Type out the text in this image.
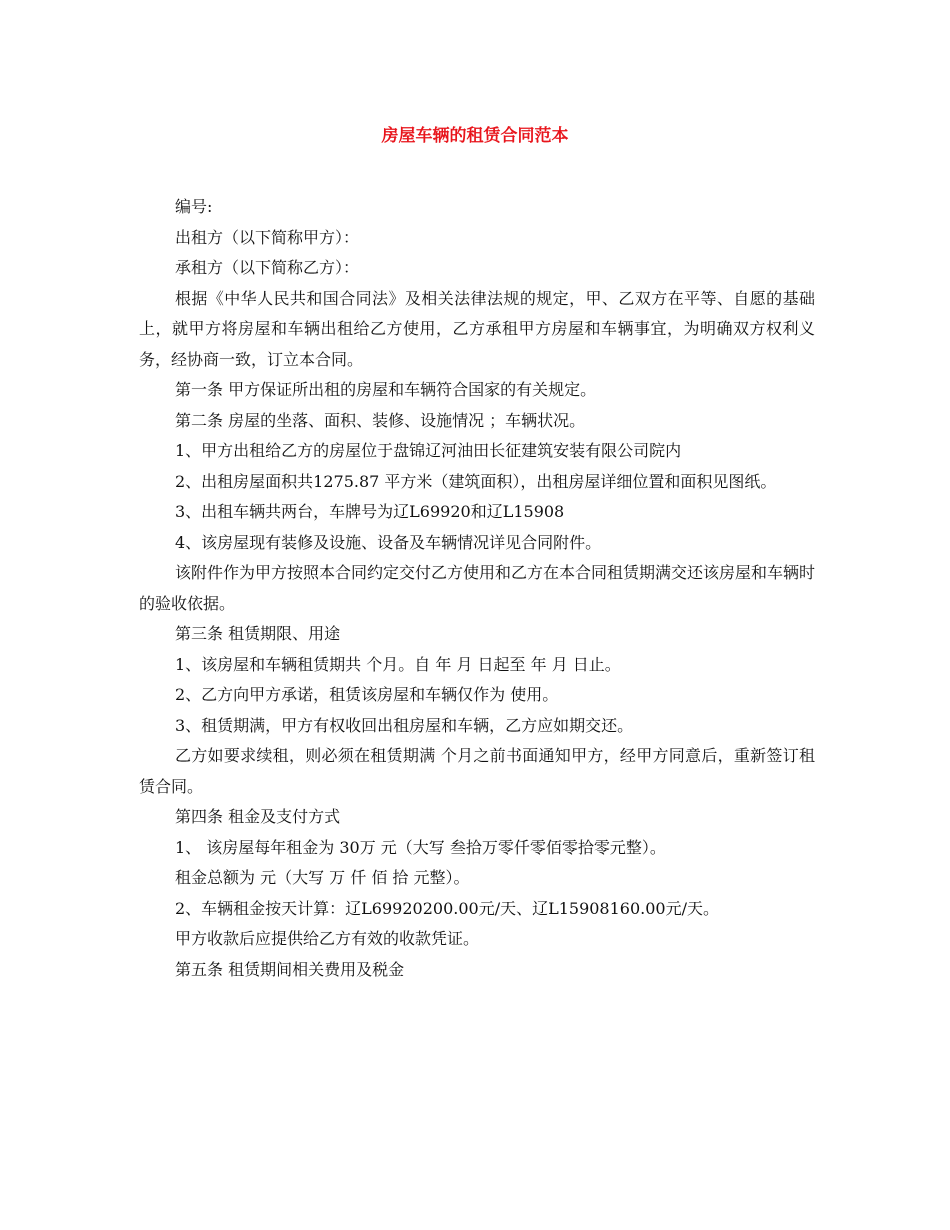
房屋车辆的租赁合同范本

编号:

出租方（以下简称甲方）：

承租方（以下简称乙方）：

根据《中华人民共和国合同法》及相关法律法规的规定，甲、乙双方在平等、自愿的基础上，就甲方将房屋和车辆出租给乙方使用，乙方承租甲方房屋和车辆事宜，为明确双方权利义务，经协商一致，订立本合同。

第一条 甲方保证所出租的房屋和车辆符合国家的有关规定。

第二条 房屋的坐落、面积、装修、设施情况 ；车辆状况。

1、甲方出租给乙方的房屋位于盘锦辽河油田长征建筑安装有限公司院内

2、出租房屋面积共1275.87 平方米（建筑面积），出租房屋详细位置和面积见图纸。

3、出租车辆共两台，车牌号为辽L69920和辽L15908

4、该房屋现有装修及设施、设备及车辆情况详见合同附件。

该附件作为甲方按照本合同约定交付乙方使用和乙方在本合同租赁期满交还该房屋和车辆时的验收依据。

第三条 租赁期限、用途

1、该房屋和车辆租赁期共 个月。自 年 月 日起至 年 月 日止。

2、乙方向甲方承诺，租赁该房屋和车辆仅作为 使用。

3、租赁期满，甲方有权收回出租房屋和车辆，乙方应如期交还。

乙方如要求续租，则必须在租赁期满 个月之前书面通知甲方，经甲方同意后，重新签订租赁合同。

第四条 租金及支付方式

1、 该房屋每年租金为 30万 元（大写 叁拾万零仟零佰零拾零元整）。

租金总额为 元（大写 万 仟 佰 拾 元整）。

2、车辆租金按天计算：辽L69920200.00元/天、辽L15908160.00元/天。

甲方收款后应提供给乙方有效的收款凭证。

第五条 租赁期间相关费用及税金
